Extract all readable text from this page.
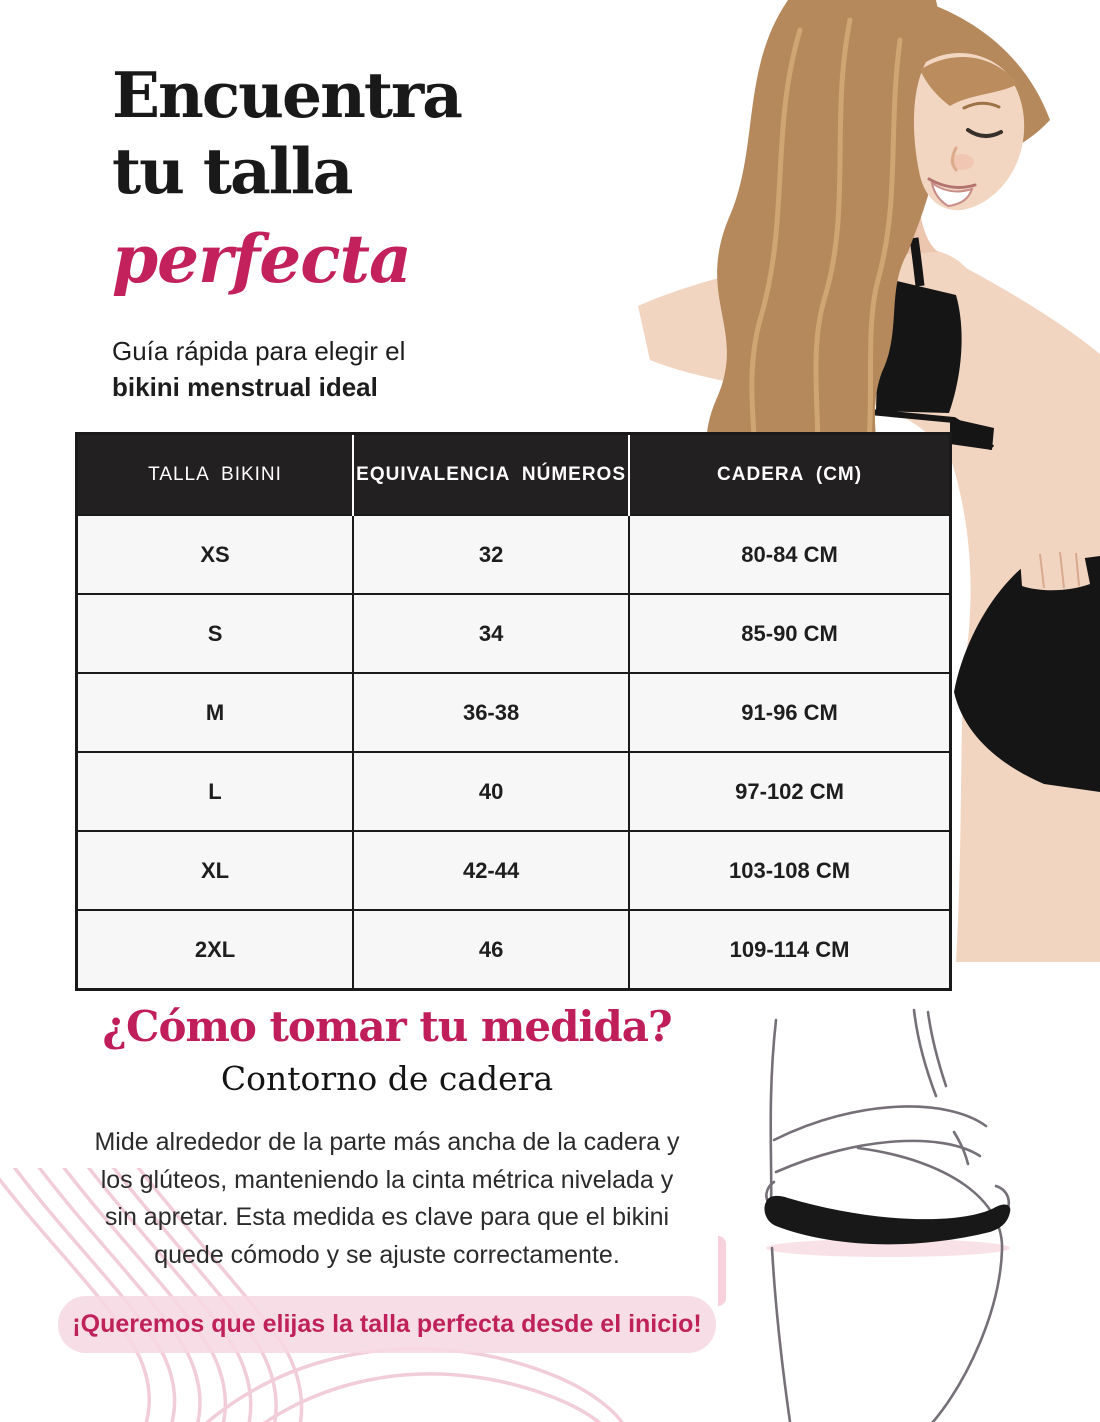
Encuentra
tu talla
perfecta
Guía rápida para elegir el
bikini menstrual ideal
TALLA BIKINI	EQUIVALENCIA NÚMEROS	CADERA (CM)
XS	32	80-84 CM
S	34	85-90 CM
M	36-38	91-96 CM
L	40	97-102 CM
XL	42-44	103-108 CM
2XL	46	109-114 CM
¿Cómo tomar tu medida?
Contorno de cadera

Mide alrededor de la parte más ancha de la cadera y los glúteos, manteniendo la cinta métrica nivelada y sin apretar. Esta medida es clave para que el bikini quede cómodo y se ajuste correctamente.

¡Queremos que elijas la talla perfecta desde el inicio!
